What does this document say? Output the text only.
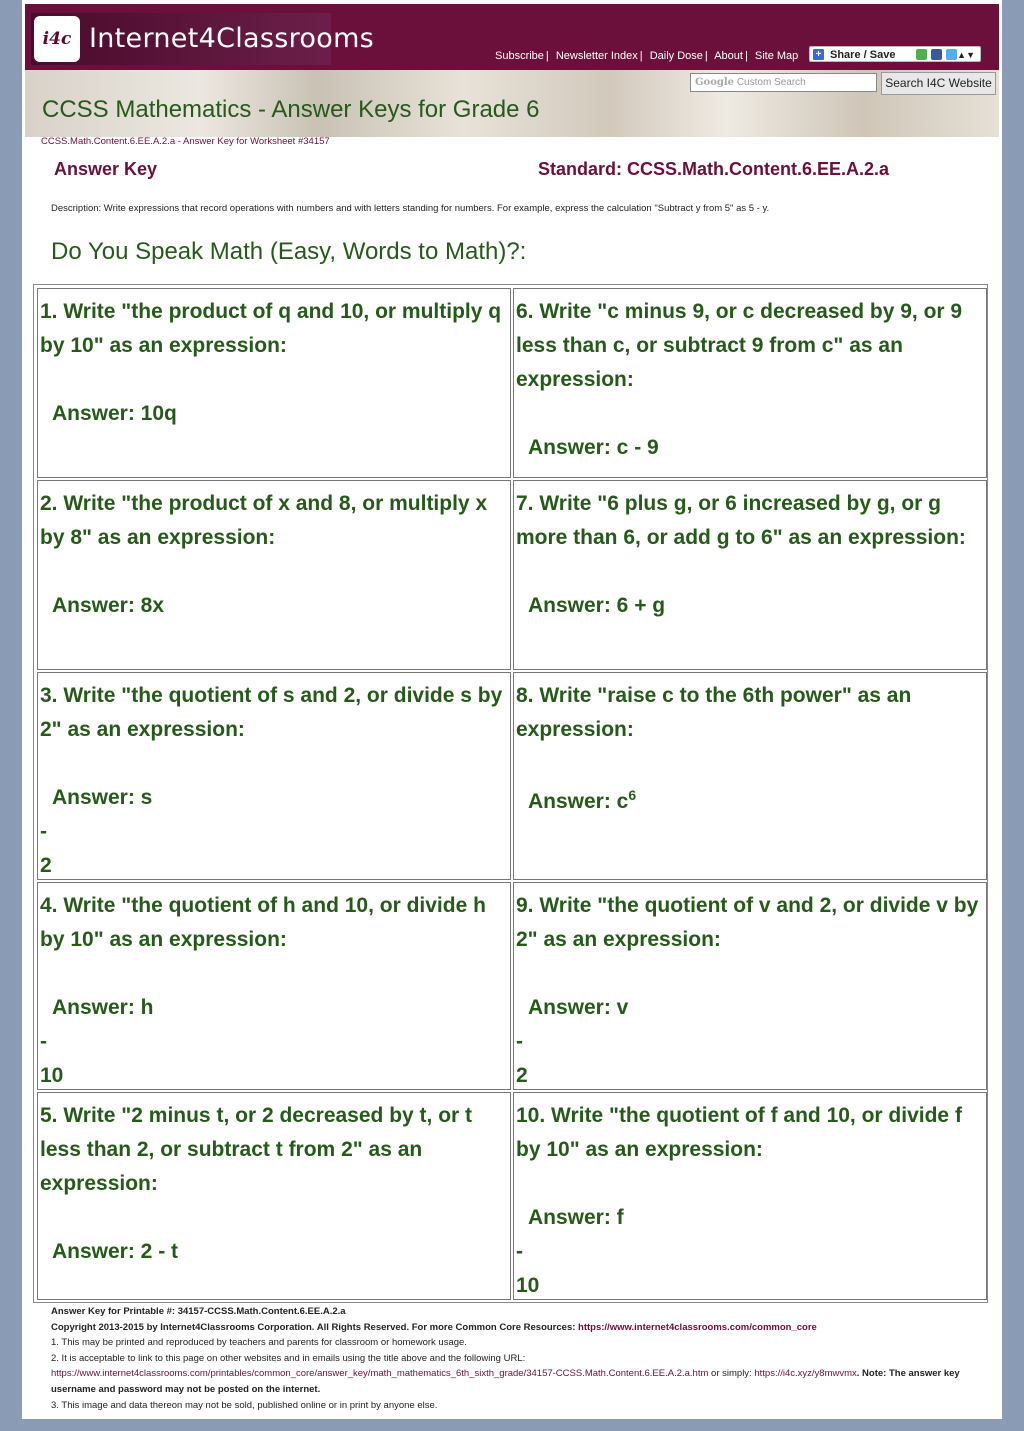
i4c Internet4Classrooms
Subscribe | Newsletter Index | Daily Dose | About | Site Map + Share / Save	▲▼
Google Custom Search	Search I4C Website
CCSS Mathematics - Answer Keys for Grade 6
CCSS.Math.Content.6.EE.A.2.a - Answer Key for Worksheet #34157
Answer Key	Standard: CCSS.Math.Content.6.EE.A.2.a
Description: Write expressions that record operations with numbers and with letters standing for numbers. For example, express the calculation "Subtract y from 5" as 5 - y.
Do You Speak Math (Easy, Words to Math)?:
1. Write "the product of q and 10, or multiply q by 10" as an expression:
Answer: 10q
6. Write "c minus 9, or c decreased by 9, or 9 less than c, or subtract 9 from c" as an expression:
Answer: c - 9
2. Write "the product of x and 8, or multiply x by 8" as an expression:
Answer: 8x
7. Write "6 plus g, or 6 increased by g, or g more than 6, or add g to 6" as an expression:
Answer: 6 + g
3. Write "the quotient of s and 2, or divide s by 2" as an expression:
Answer: s
-
2
8. Write "raise c to the 6th power" as an expression:
Answer: $c^6$
4. Write "the quotient of h and 10, or divide h by 10" as an expression:
Answer: h
-
10
9. Write "the quotient of v and 2, or divide v by 2" as an expression:
Answer: v
-
2
5. Write "2 minus t, or 2 decreased by t, or t less than 2, or subtract t from 2" as an expression:
Answer: 2 - t
10. Write "the quotient of f and 10, or divide f by 10" as an expression:
Answer: f
-
10
Answer Key for Printable #: 34157-CCSS.Math.Content.6.EE.A.2.a
Copyright 2013-2015 by Internet4Classrooms Corporation. All Rights Reserved. For more Common Core Resources: https://www.internet4classrooms.com/common_core
1. This may be printed and reproduced by teachers and parents for classroom or homework usage.
2. It is acceptable to link to this page on other websites and in emails using the title above and the following URL:
https://www.internet4classrooms.com/printables/common_core/answer_key/math_mathematics_6th_sixth_grade/34157-CCSS.Math.Content.6.EE.A.2.a.htm or simply: https://i4c.xyz/y8mwvmx. Note: The answer key username and password may not be posted on the internet.
3. This image and data thereon may not be sold, published online or in print by anyone else.
